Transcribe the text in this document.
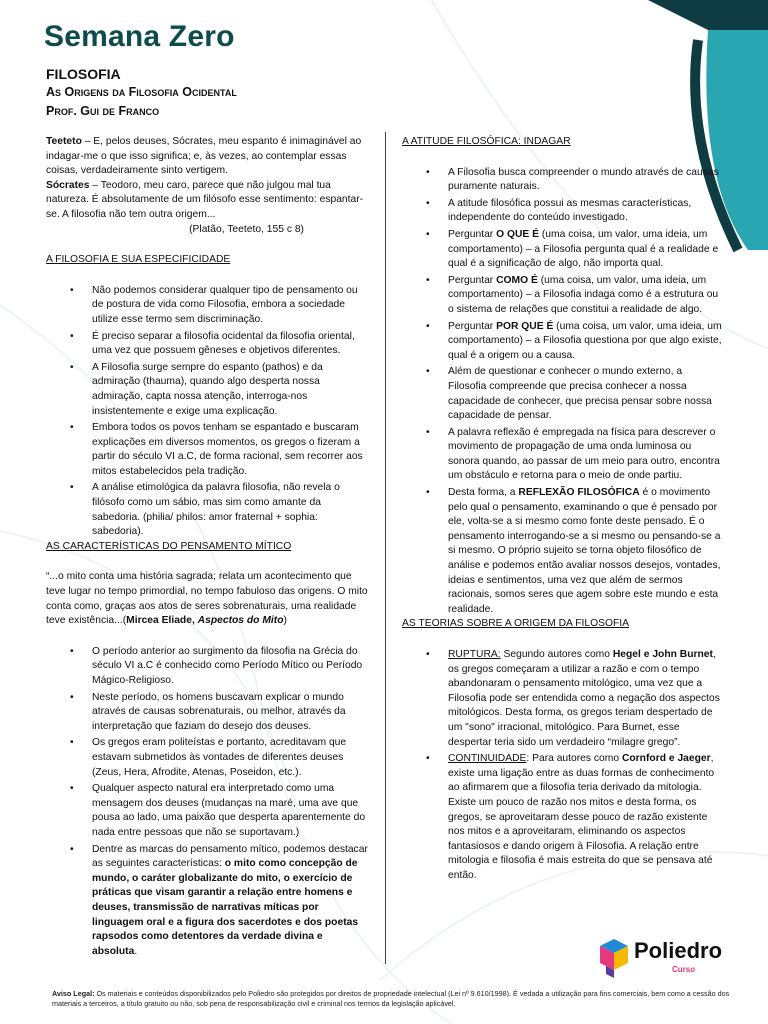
Semana Zero
FILOSOFIA
As Origens da Filosofia Ocidental
Prof. Gui de Franco

Teeteto – E, pelos deuses, Sócrates, meu espanto é inimaginável ao indagar-me o que isso significa; e, às vezes, ao contemplar essas coisas, verdadeiramente sinto vertigem.

Sócrates – Teodoro, meu caro, parece que não julgou mal tua natureza. É absolutamente de um filósofo esse sentimento: espantar-se. A filosofia não tem outra origem...

(Platão, Teeteto, 155 c 8)

A FILOSOFIA E SUA ESPECIFICIDADE

• Não podemos considerar qualquer tipo de pensamento ou de postura de vida como Filosofia, embora a sociedade utilize esse termo sem discriminação.
• É preciso separar a filosofia ocidental da filosofia oriental, uma vez que possuem gêneses e objetivos diferentes.
• A Filosofia surge sempre do espanto (pathos) e da admiração (thauma), quando algo desperta nossa admiração, capta nossa atenção, interroga-nos insistentemente e exige uma explicação.
• Embora todos os povos tenham se espantado e buscaram explicações em diversos momentos, os gregos o fizeram a partir do século VI a.C, de forma racional, sem recorrer aos mitos estabelecidos pela tradição.
• A análise etimológica da palavra filosofia, não revela o filósofo como um sábio, mas sim como amante da sabedoria. (philia/ philos: amor fraternal + sophia: sabedoria).

AS CARACTERÍSTICAS DO PENSAMENTO MÍTICO

“...o mito conta uma história sagrada; relata um acontecimento que teve lugar no tempo primordial, no tempo fabuloso das origens. O mito conta como, graças aos atos de seres sobrenaturais, uma realidade teve existência...(Mircea Eliade, Aspectos do Mito)

• O período anterior ao surgimento da filosofia na Grécia do século VI a.C é conhecido como Período Mítico ou Período Mágico-Religioso.
• Neste período, os homens buscavam explicar o mundo através de causas sobrenaturais, ou melhor, através da interpretação que faziam do desejo dos deuses.
• Os gregos eram politeístas e portanto, acreditavam que estavam submetidos às vontades de diferentes deuses (Zeus, Hera, Afrodite, Atenas, Poseidon, etc.).
• Qualquer aspecto natural era interpretado como uma mensagem dos deuses (mudanças na maré, uma ave que pousa ao lado, uma paixão que desperta aparentemente do nada entre pessoas que não se suportavam.)
• Dentre as marcas do pensamento mítico, podemos destacar as seguintes características: o mito como concepção de mundo, o caráter globalizante do mito, o exercício de práticas que visam garantir a relação entre homens e deuses, transmissão de narrativas míticas por linguagem oral e a figura dos sacerdotes e dos poetas rapsodos como detentores da verdade divina e absoluta.

A ATITUDE FILOSÓFICA: INDAGAR

• A Filosofia busca compreender o mundo através de causas puramente naturais.
• A atitude filosófica possui as mesmas características, independente do conteúdo investigado.
• Perguntar O QUE É (uma coisa, um valor, uma ideia, um comportamento) – a Filosofia pergunta qual é a realidade e qual é a significação de algo, não importa qual.
• Perguntar COMO É (uma coisa, um valor, uma ideia, um comportamento) – a Filosofia indaga como é a estrutura ou o sistema de relações que constitui a realidade de algo.
• Perguntar POR QUE É (uma coisa, um valor, uma ideia, um comportamento) – a Filosofia questiona por que algo existe, qual é a origem ou a causa.
• Além de questionar e conhecer o mundo externo, a Filosofia compreende que precisa conhecer a nossa capacidade de conhecer, que precisa pensar sobre nossa capacidade de pensar.
• A palavra reflexão é empregada na física para descrever o movimento de propagação de uma onda luminosa ou sonora quando, ao passar de um meio para outro, encontra um obstáculo e retorna para o meio de onde partiu.
• Desta forma, a REFLEXÃO FILOSÓFICA é o movimento pelo qual o pensamento, examinando o que é pensado por ele, volta-se a si mesmo como fonte deste pensado. É o pensamento interrogando-se a si mesmo ou pensando-se a si mesmo. O próprio sujeito se torna objeto filosófico de análise e podemos então avaliar nossos desejos, vontades, ideias e sentimentos, uma vez que além de sermos racionais, somos seres que agem sobre este mundo e esta realidade.

AS TEORIAS SOBRE A ORIGEM DA FILOSOFIA

• RUPTURA: Segundo autores como Hegel e John Burnet, os gregos começaram a utilizar a razão e com o tempo abandonaram o pensamento mitológico, uma vez que a Filosofia pode ser entendida como a negação dos aspectos mitológicos. Desta forma, os gregos teriam despertado de um "sono" irracional, mitológico. Para Burnet, esse despertar teria sido um verdadeiro “milagre grego”.
• CONTINUIDADE: Para autores como Cornford e Jaeger, existe uma ligação entre as duas formas de conhecimento ao afirmarem que a filosofia teria derivado da mitologia. Existe um pouco de razão nos mitos e desta forma, os gregos, se aproveitaram desse pouco de razão existente nos mitos e a aproveitaram, eliminando os aspectos fantasiosos e dando origem à Filosofia. A relação entre mitologia e filosofia é mais estreita do que se pensava até então.

Poliedro

Curso

Aviso Legal: Os materiais e conteúdos disponibilizados pelo Poliedro são protegidos por direitos de propriedade intelectual (Lei nº 9.610/1998). É vedada a utilização para fins comerciais, bem como a cessão dos materiais a terceiros, a título gratuito ou não, sob pena de responsabilização civil e criminal nos termos da legislação aplicável.
